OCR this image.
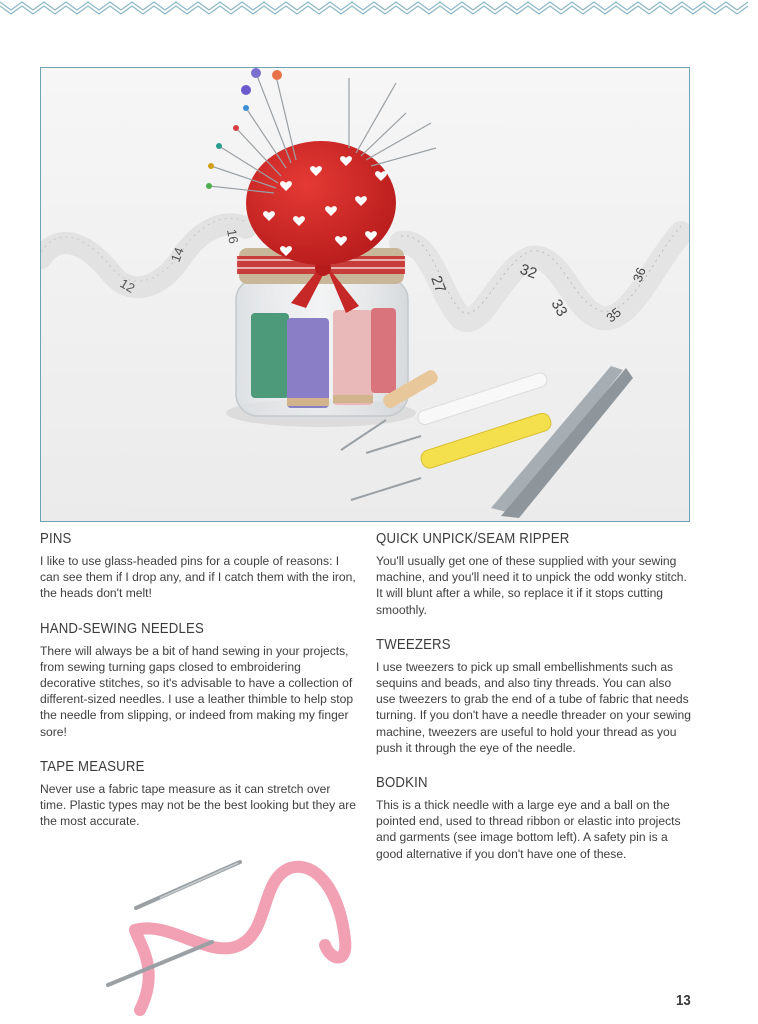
12
14
16
27
32
33	35
36
PINS

I like to use glass-headed pins for a couple of reasons: I can see them if I drop any, and if I catch them with the iron, the heads don't melt!

HAND-SEWING NEEDLES

There will always be a bit of hand sewing in your projects, from sewing turning gaps closed to embroidering decorative stitches, so it's advisable to have a collection of different-sized needles. I use a leather thimble to help stop the needle from slipping, or indeed from making my finger sore!

TAPE MEASURE

Never use a fabric tape measure as it can stretch over time. Plastic types may not be the best looking but they are the most accurate.

QUICK UNPICK/SEAM RIPPER

You'll usually get one of these supplied with your sewing machine, and you'll need it to unpick the odd wonky stitch. It will blunt after a while, so replace it if it stops cutting smoothly.

TWEEZERS

I use tweezers to pick up small embellishments such as sequins and beads, and also tiny threads. You can also use tweezers to grab the end of a tube of fabric that needs turning. If you don't have a needle threader on your sewing machine, tweezers are useful to hold your thread as you push it through the eye of the needle.

BODKIN

This is a thick needle with a large eye and a ball on the pointed end, used to thread ribbon or elastic into projects and garments (see image bottom left). A safety pin is a good alternative if you don't have one of these.

13
